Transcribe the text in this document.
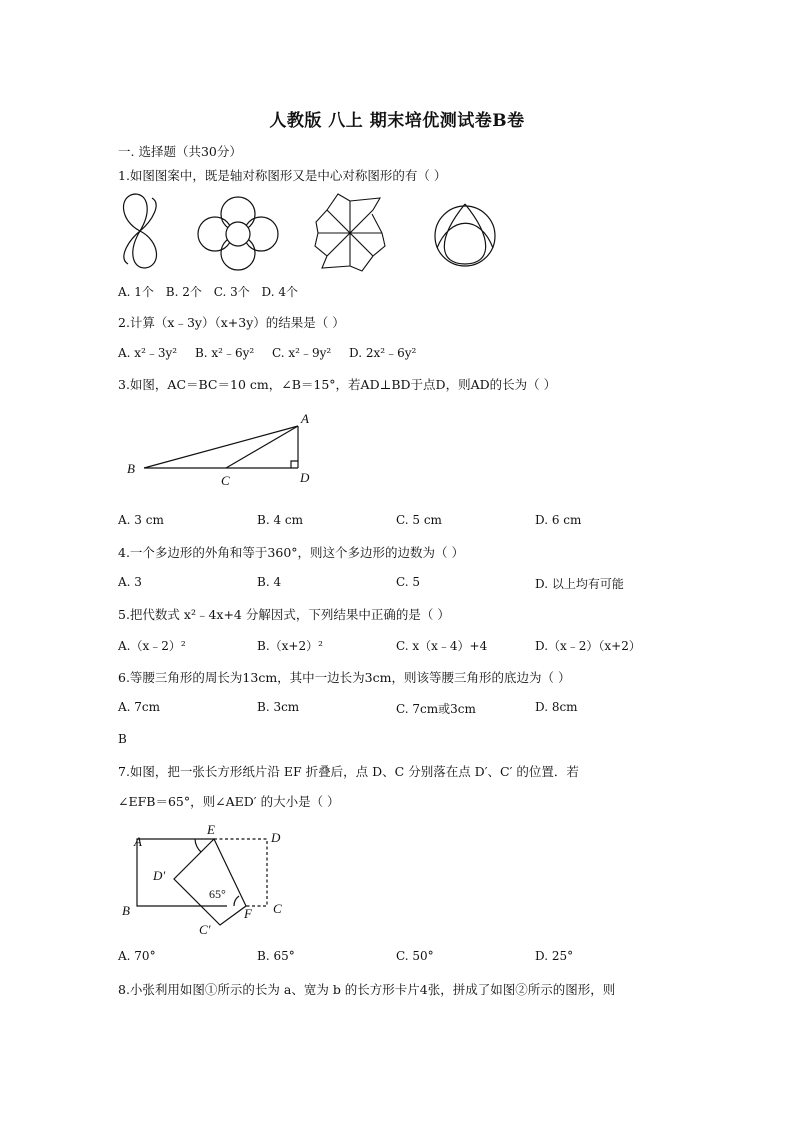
人教版 八上 期末培优测试卷B卷
一. 选择题（共30分）
1.如图图案中，既是轴对称图形又是中心对称图形的有（ ）
A. 1个 B. 2个 C. 3个 D. 4个
2.计算（x﹣3y）（x+3y）的结果是（ ）
A. x²﹣3y² B. x²﹣6y² C. x²﹣9y² D. 2x²﹣6y²
3.如图，AC＝BC＝10 cm，∠B＝15°，若AD⊥BD于点D，则AD的长为（ ）
A
B
C	D
A. 3 cm	B. 4 cm	C. 5 cm	D. 6 cm
4.一个多边形的外角和等于360°，则这个多边形的边数为（ ）
A. 3	B. 4	C. 5	D. 以上均有可能
5.把代数式 x²﹣4x+4 分解因式，下列结果中正确的是（ ）
A.（x﹣2）²	B.（x+2）²	C. x（x﹣4）+4	D.（x﹣2）（x+2）
6.等腰三角形的周长为13cm，其中一边长为3cm，则该等腰三角形的底边为（ ）
A. 7cm	B. 3cm	C. 7cm或3cm	D. 8cm
B
7.如图，把一张长方形纸片沿 EF 折叠后，点 D、C 分别落在点 D′、C′ 的位置．若
∠EFB＝65°，则∠AED′ 的大小是（ ）
A
E
D
D′
65°
B	F C
C′
A. 70°	B. 65°	C. 50°	D. 25°
8.小张利用如图①所示的长为 a、宽为 b 的长方形卡片4张，拼成了如图②所示的图形，则
